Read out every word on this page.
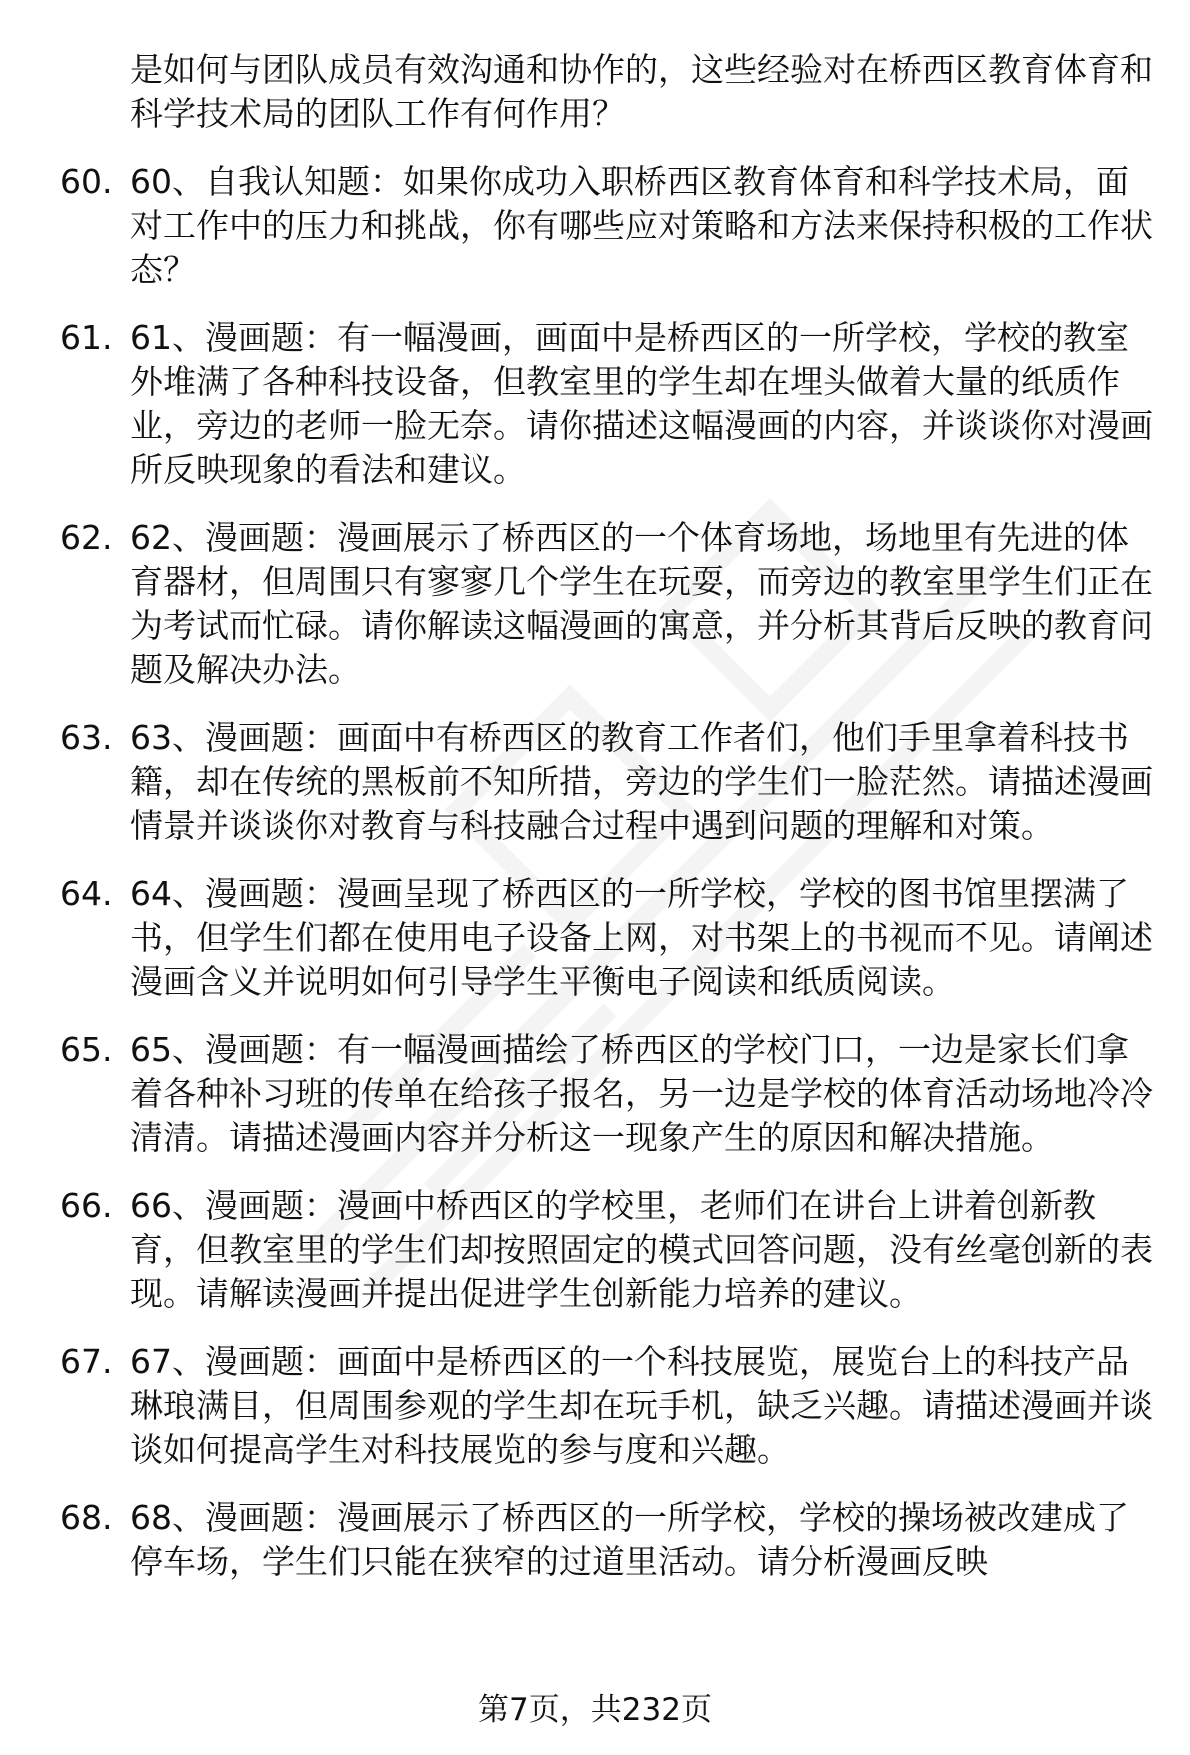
是如何与团队成员有效沟通和协作的，这些经验对在桥西区教育体育和科学技术局的团队工作有何作用？
60. 60、自我认知题：如果你成功入职桥西区教育体育和科学技术局，面对工作中的压力和挑战，你有哪些应对策略和方法来保持积极的工作状态？
61. 61、漫画题：有一幅漫画，画面中是桥西区的一所学校，学校的教室外堆满了各种科技设备，但教室里的学生却在埋头做着大量的纸质作业，旁边的老师一脸无奈。请你描述这幅漫画的内容，并谈谈你对漫画所反映现象的看法和建议。
62. 62、漫画题：漫画展示了桥西区的一个体育场地，场地里有先进的体育器材，但周围只有寥寥几个学生在玩耍，而旁边的教室里学生们正在为考试而忙碌。请你解读这幅漫画的寓意，并分析其背后反映的教育问题及解决办法。
63. 63、漫画题：画面中有桥西区的教育工作者们，他们手里拿着科技书籍，却在传统的黑板前不知所措，旁边的学生们一脸茫然。请描述漫画情景并谈谈你对教育与科技融合过程中遇到问题的理解和对策。
64. 64、漫画题：漫画呈现了桥西区的一所学校，学校的图书馆里摆满了书，但学生们都在使用电子设备上网，对书架上的书视而不见。请阐述漫画含义并说明如何引导学生平衡电子阅读和纸质阅读。
65. 65、漫画题：有一幅漫画描绘了桥西区的学校门口，一边是家长们拿着各种补习班的传单在给孩子报名，另一边是学校的体育活动场地冷冷清清。请描述漫画内容并分析这一现象产生的原因和解决措施。
66. 66、漫画题：漫画中桥西区的学校里，老师们在讲台上讲着创新教育，但教室里的学生们却按照固定的模式回答问题，没有丝毫创新的表现。请解读漫画并提出促进学生创新能力培养的建议。
67. 67、漫画题：画面中是桥西区的一个科技展览，展览台上的科技产品琳琅满目，但周围参观的学生却在玩手机，缺乏兴趣。请描述漫画并谈谈如何提高学生对科技展览的参与度和兴趣。
68. 68、漫画题：漫画展示了桥西区的一所学校，学校的操场被改建成了停车场，学生们只能在狭窄的过道里活动。请分析漫画反映
第7页，共232页
